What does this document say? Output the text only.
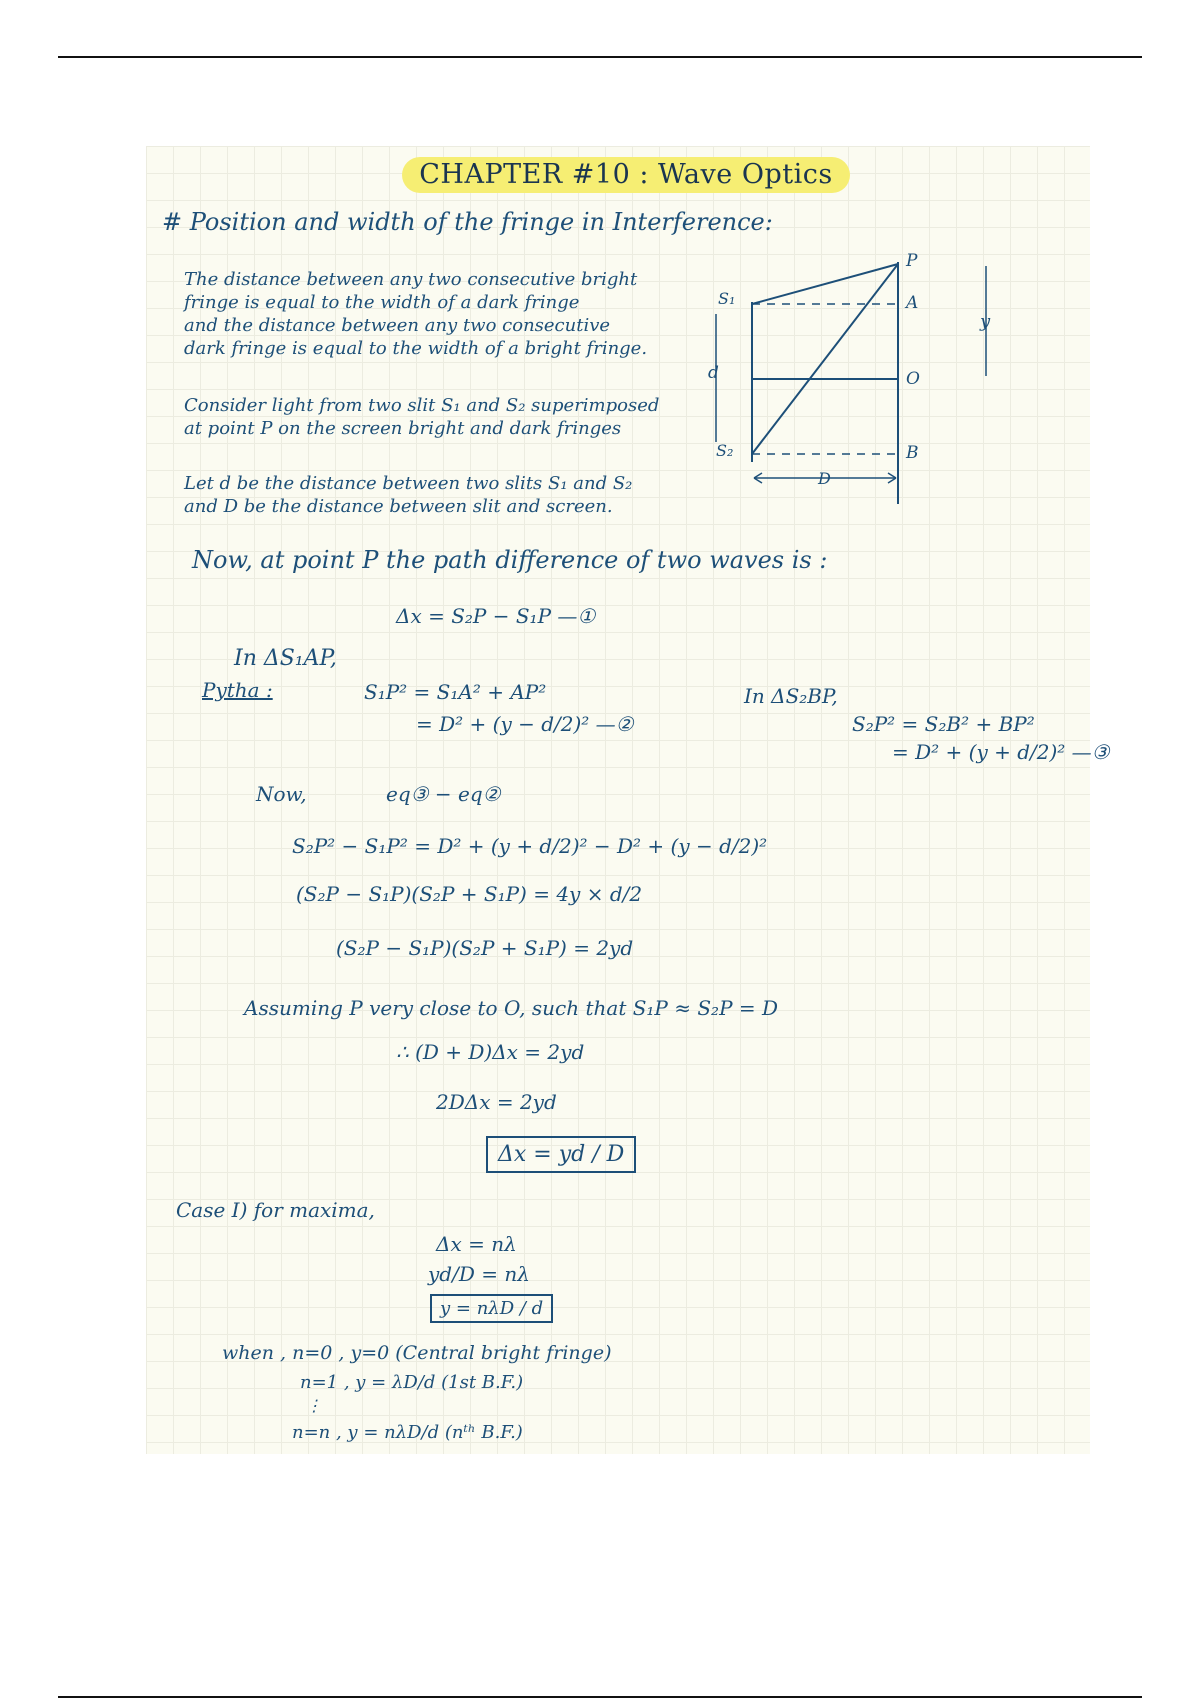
CHAPTER #10 : Wave Optics
# Position and width of the fringe in Interference:
The distance between any two consecutive bright
fringe is equal to the width of a dark fringe
and the distance between any two consecutive
dark fringe is equal to the width of a bright fringe.
Consider light from two slit S₁ and S₂ superimposed
at point P on the screen bright and dark fringes
Let d be the distance between two slits S₁ and S₂
and D be the distance between slit and screen.
S₁
S₂
P
A
O
B
d
D
y
Now, at point P the path difference of two waves is :
Δx = S₂P − S₁P —①
In ΔS₁AP,
Pytha :	S₁P² = S₁A² + AP²
= D² + (y − d/2)² —②
In ΔS₂BP,
S₂P² = S₂B² + BP²
= D² + (y + d/2)² —③
Now,	eq③ − eq②
S₂P² − S₁P² = D² + (y + d/2)² − D² + (y − d/2)²
(S₂P − S₁P)(S₂P + S₁P) = 4y × d/2
(S₂P − S₁P)(S₂P + S₁P) = 2yd
Assuming P very close to O, such that S₁P ≈ S₂P = D
∴ (D + D)Δx = 2yd
2DΔx = 2yd
Δx = yd / D
Case I) for maxima,
Δx = nλ
yd/D = nλ
y = nλD / d
when , n=0 , y=0 (Central bright fringe)
n=1 , y = λD/d (1st B.F.)
⋮
n=n , y = nλD/d (nᵗʰ B.F.)
